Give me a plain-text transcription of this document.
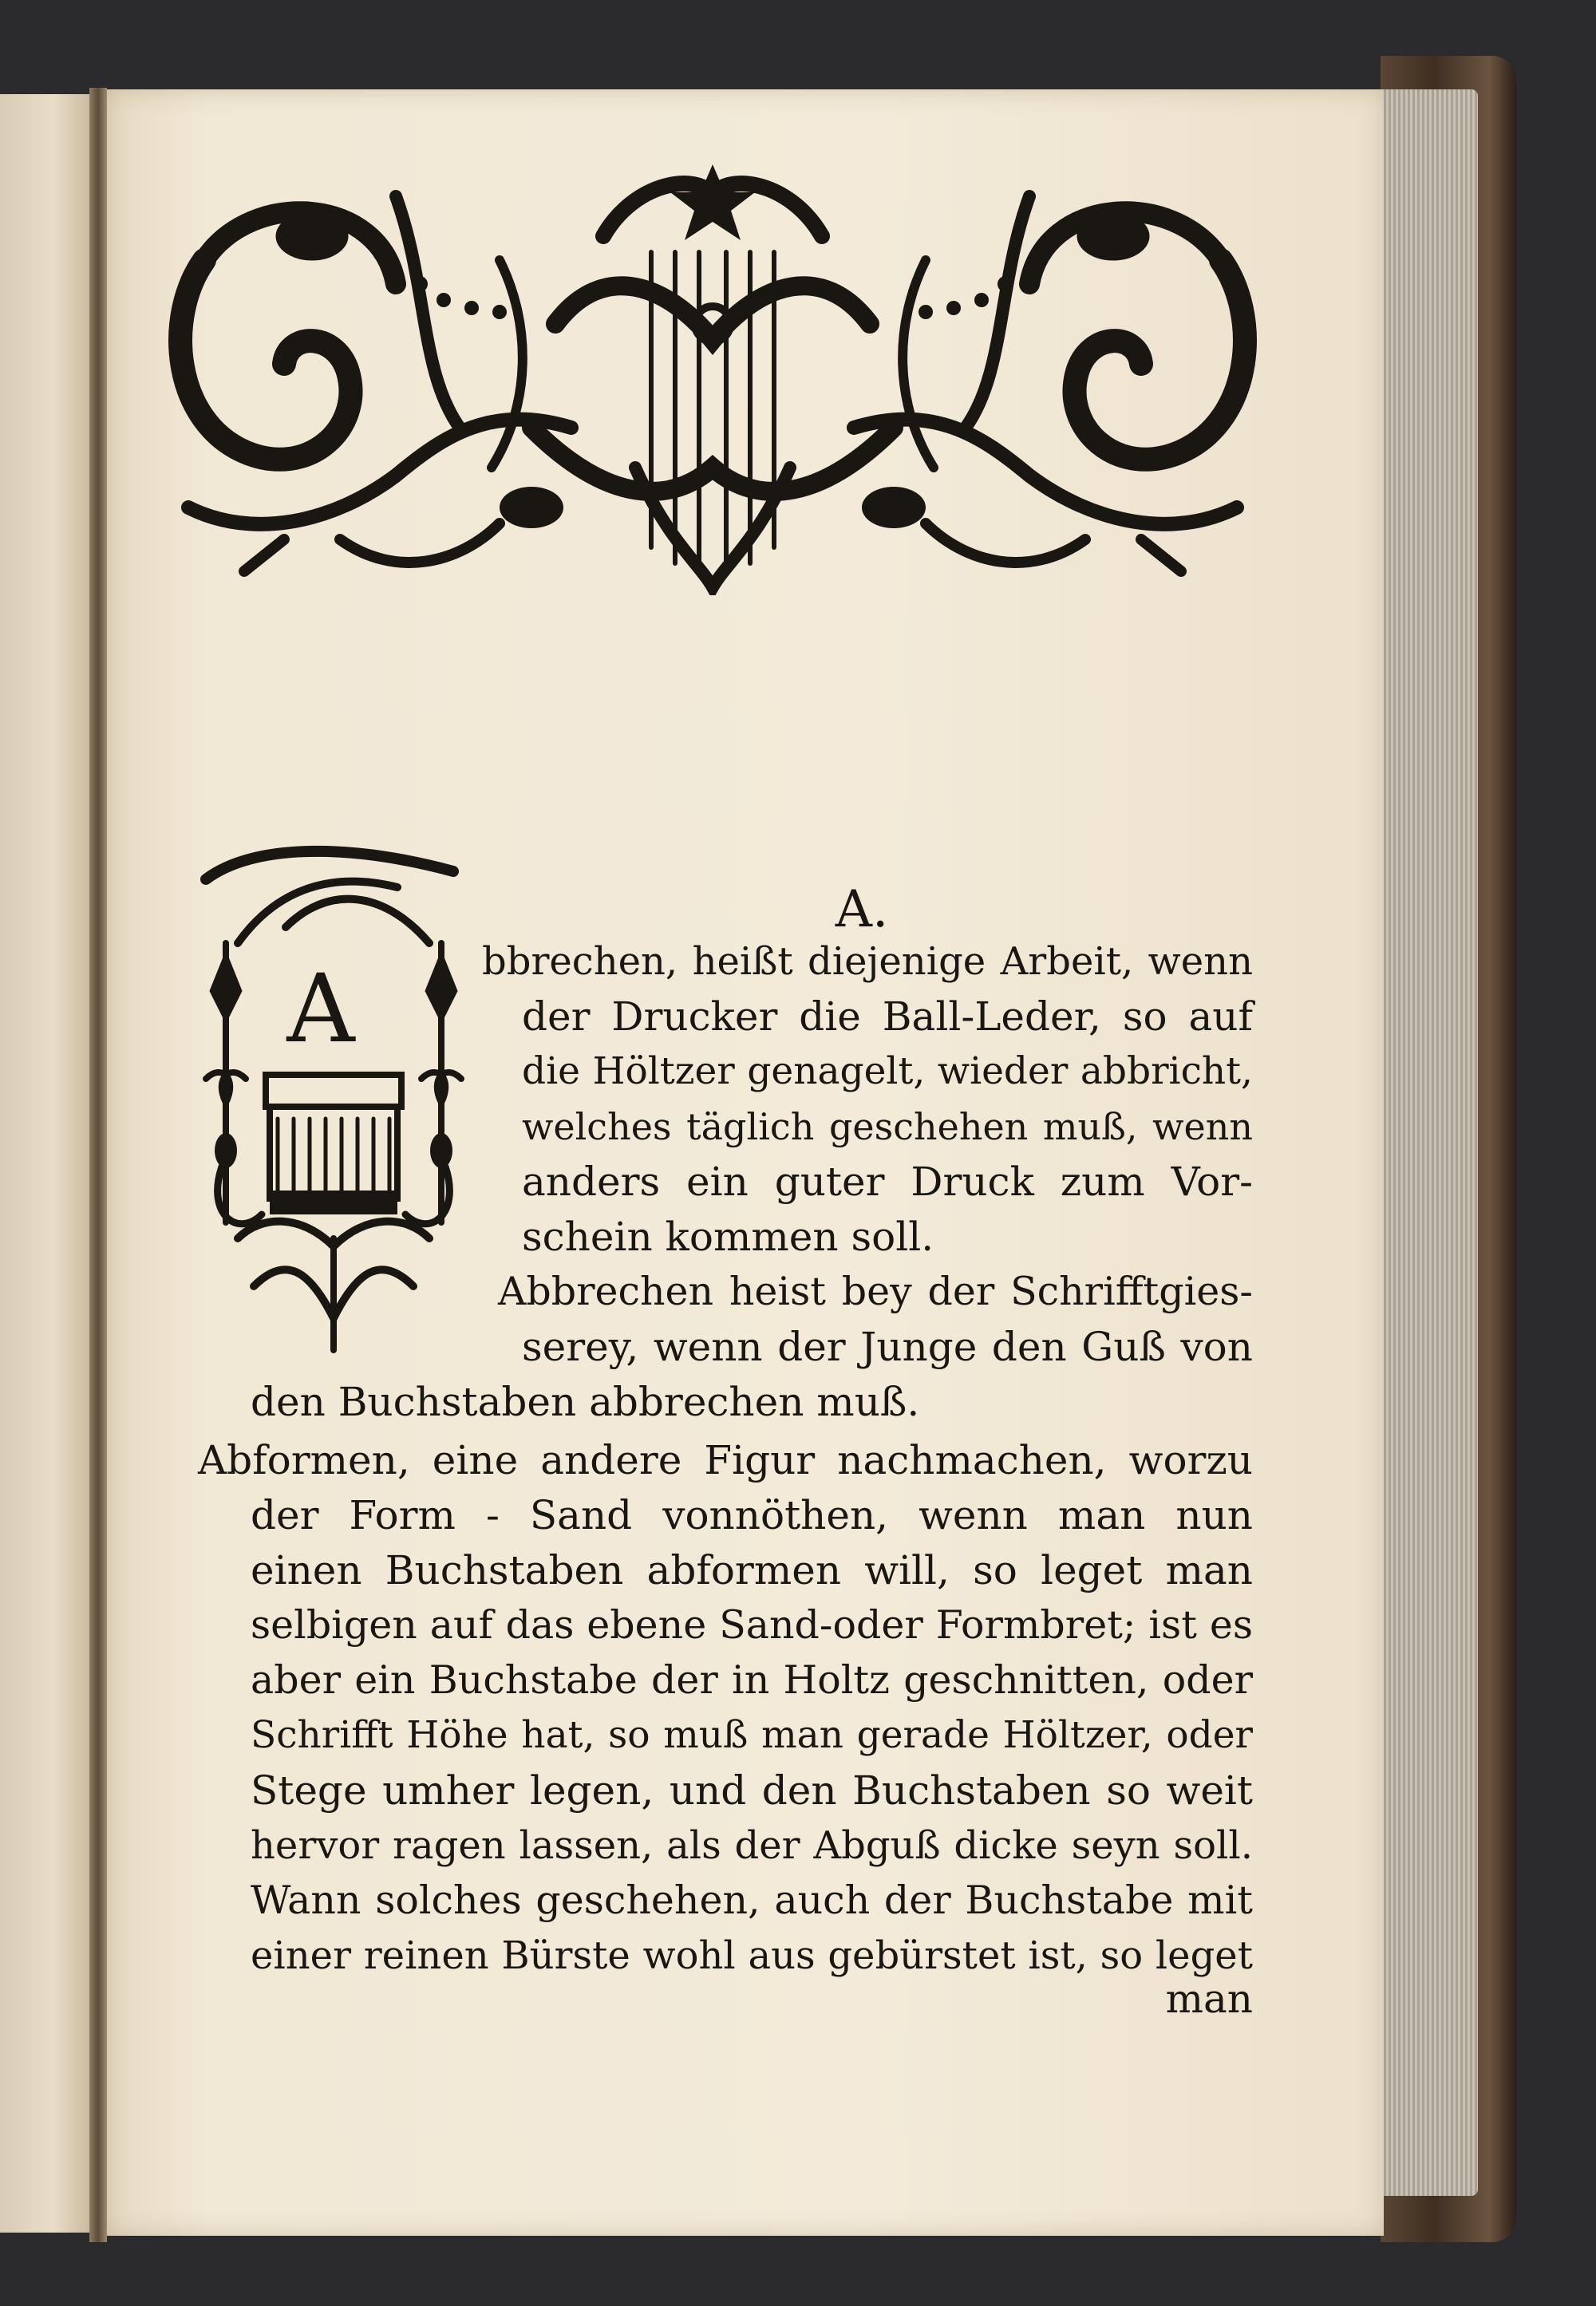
A
A.
bbrechen, heißt diejenige Arbeit, wenn
der Drucker die Ball-Leder, so auf
die Höltzer genagelt, wieder abbricht,
welches täglich geschehen muß, wenn
anders ein guter Druck zum Vor-
schein kommen soll.
Abbrechen heist bey der Schrifftgies-
serey, wenn der Junge den Guß von
den Buchstaben abbrechen muß.
Abformen, eine andere Figur nachmachen, worzu
der Form - Sand vonnöthen, wenn man nun
einen Buchstaben abformen will, so leget man
selbigen auf das ebene Sand-oder Formbret; ist es
aber ein Buchstabe der in Holtz geschnitten, oder
Schrifft Höhe hat, so muß man gerade Höltzer, oder
Stege umher legen, und den Buchstaben so weit
hervor ragen lassen, als der Abguß dicke seyn soll.
Wann solches geschehen, auch der Buchstabe mit
einer reinen Bürste wohl aus gebürstet ist, so leget
man
